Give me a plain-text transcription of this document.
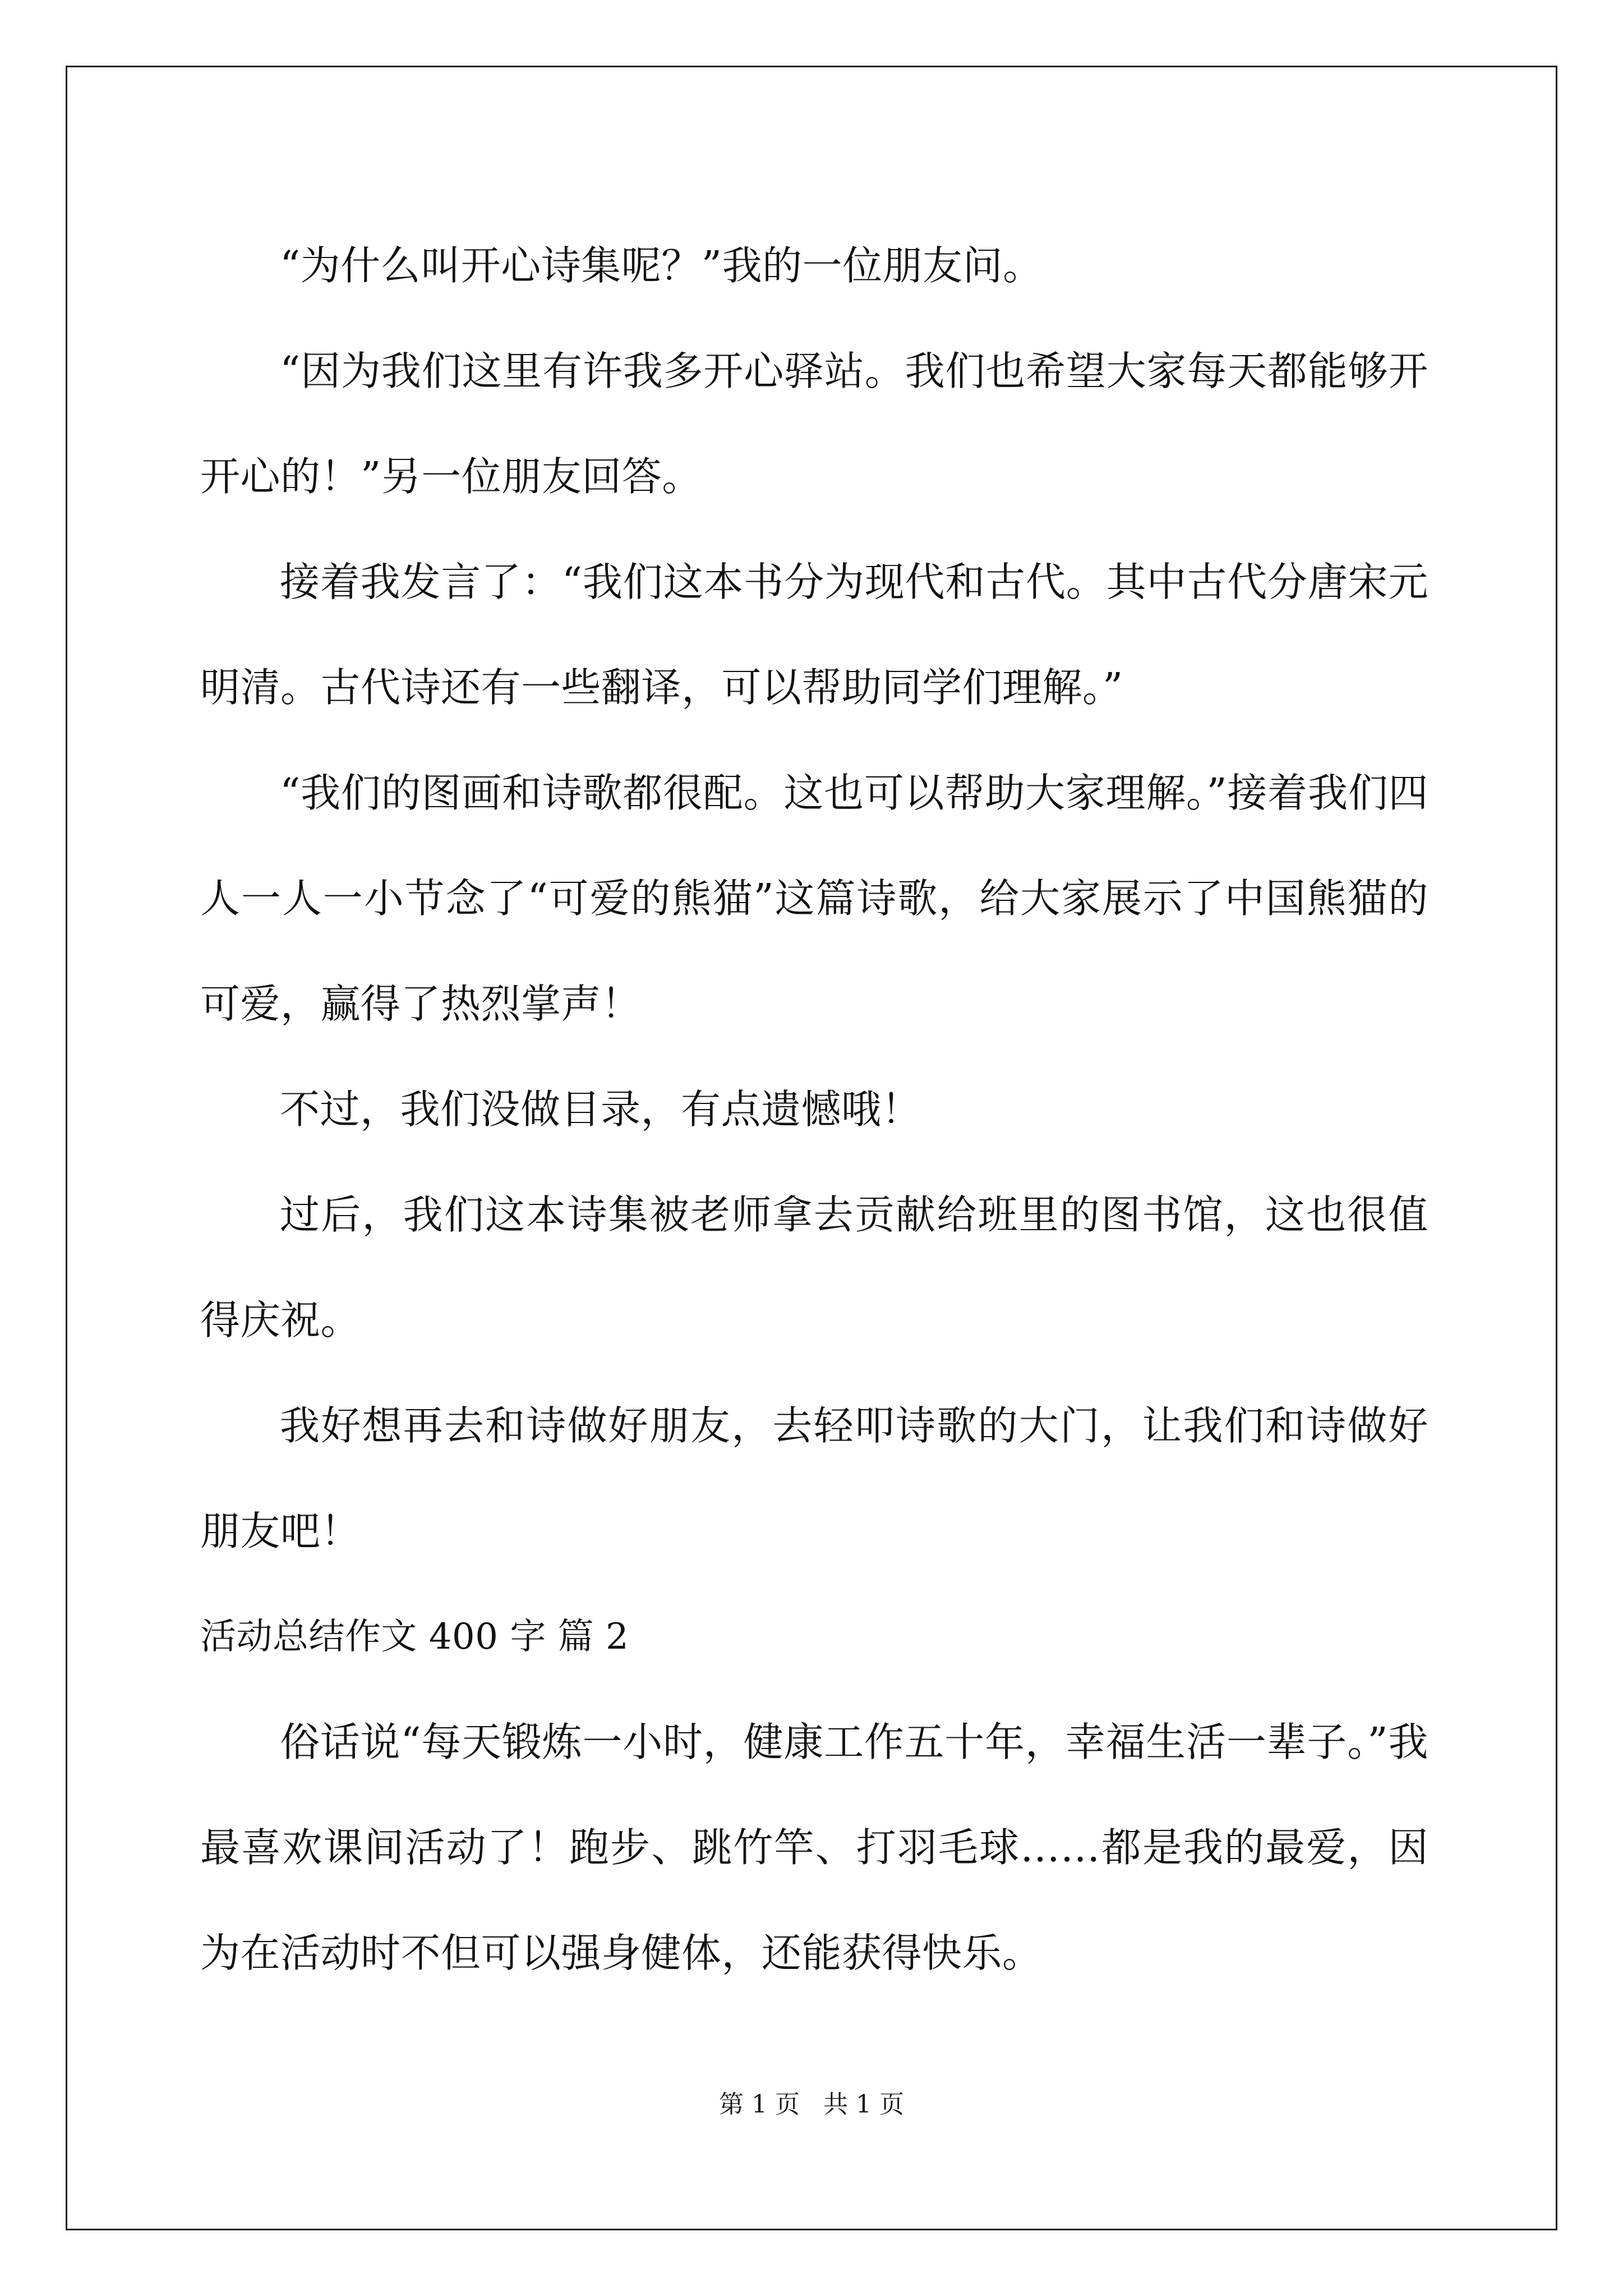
“为什么叫开心诗集呢？”我的一位朋友问。

“因为我们这里有许我多开心驿站。我们也希望大家每天都能够开开心的！”另一位朋友回答。

接着我发言了：“我们这本书分为现代和古代。其中古代分唐宋元明清。古代诗还有一些翻译，可以帮助同学们理解。”

“我们的图画和诗歌都很配。这也可以帮助大家理解。”接着我们四人一人一小节念了“可爱的熊猫”这篇诗歌，给大家展示了中国熊猫的可爱，赢得了热烈掌声！

不过，我们没做目录，有点遗憾哦！

过后，我们这本诗集被老师拿去贡献给班里的图书馆，这也很值得庆祝。

我好想再去和诗做好朋友，去轻叩诗歌的大门，让我们和诗做好朋友吧！

活动总结作文 400 字 篇 2

俗话说“每天锻炼一小时，健康工作五十年，幸福生活一辈子。”我最喜欢课间活动了！跑步、跳竹竿、打羽毛球……都是我的最爱，因为在活动时不但可以强身健体，还能获得快乐。

第 1 页   共 1 页
